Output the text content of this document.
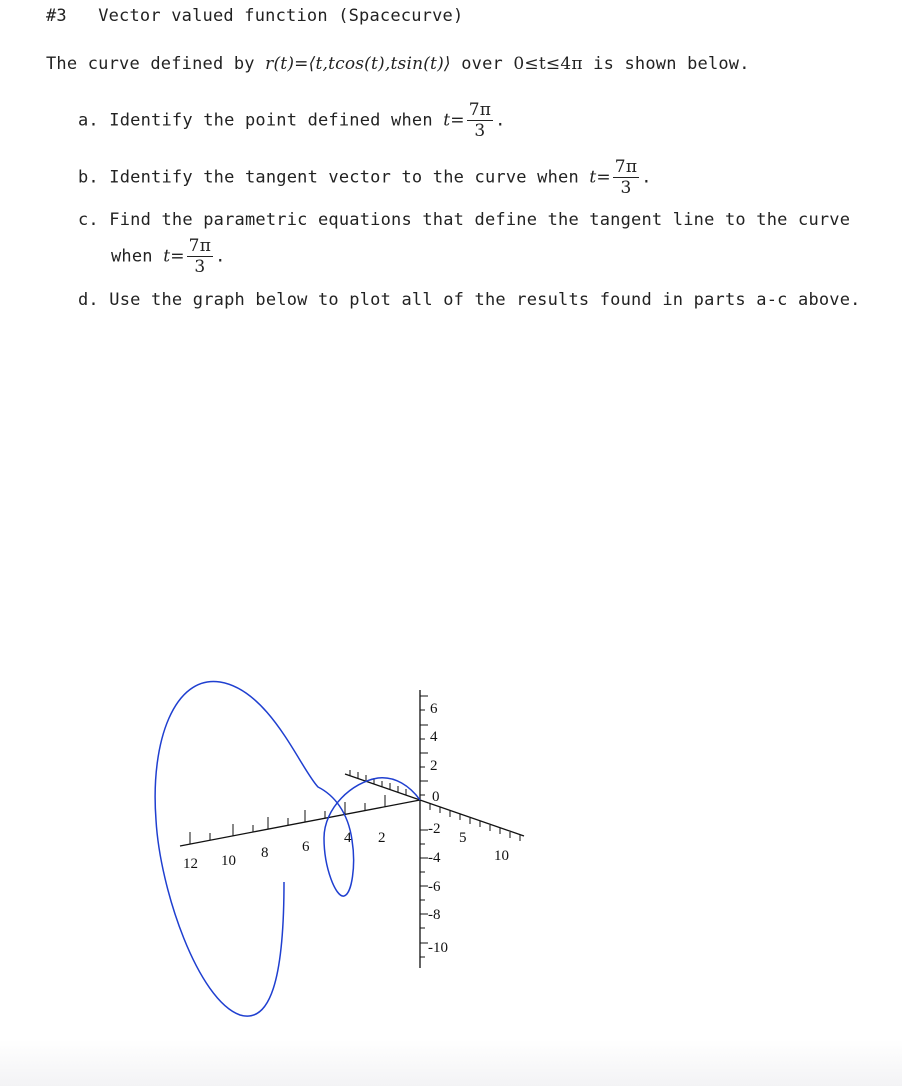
#3 Vector valued function (Spacecurve)
The curve defined by r(t)=⟨t,tcos(t),tsin(t)⟩ over 0≤t≤4π is shown below.
a. Identify the point defined when $t= \frac{7\pi}{3}$ .
b. Identify the tangent vector to the curve when $t= \frac{7\pi}{3}$ .
c. Find the parametric equations that define the tangent line to the curve
when $t= \frac{7\pi}{3}$ .
d. Use the graph below to plot all of the results found in parts a-c above.
6
4
2
0
-2
-4
-6
-8
-10
12 10 8 6
4 2	5
10
